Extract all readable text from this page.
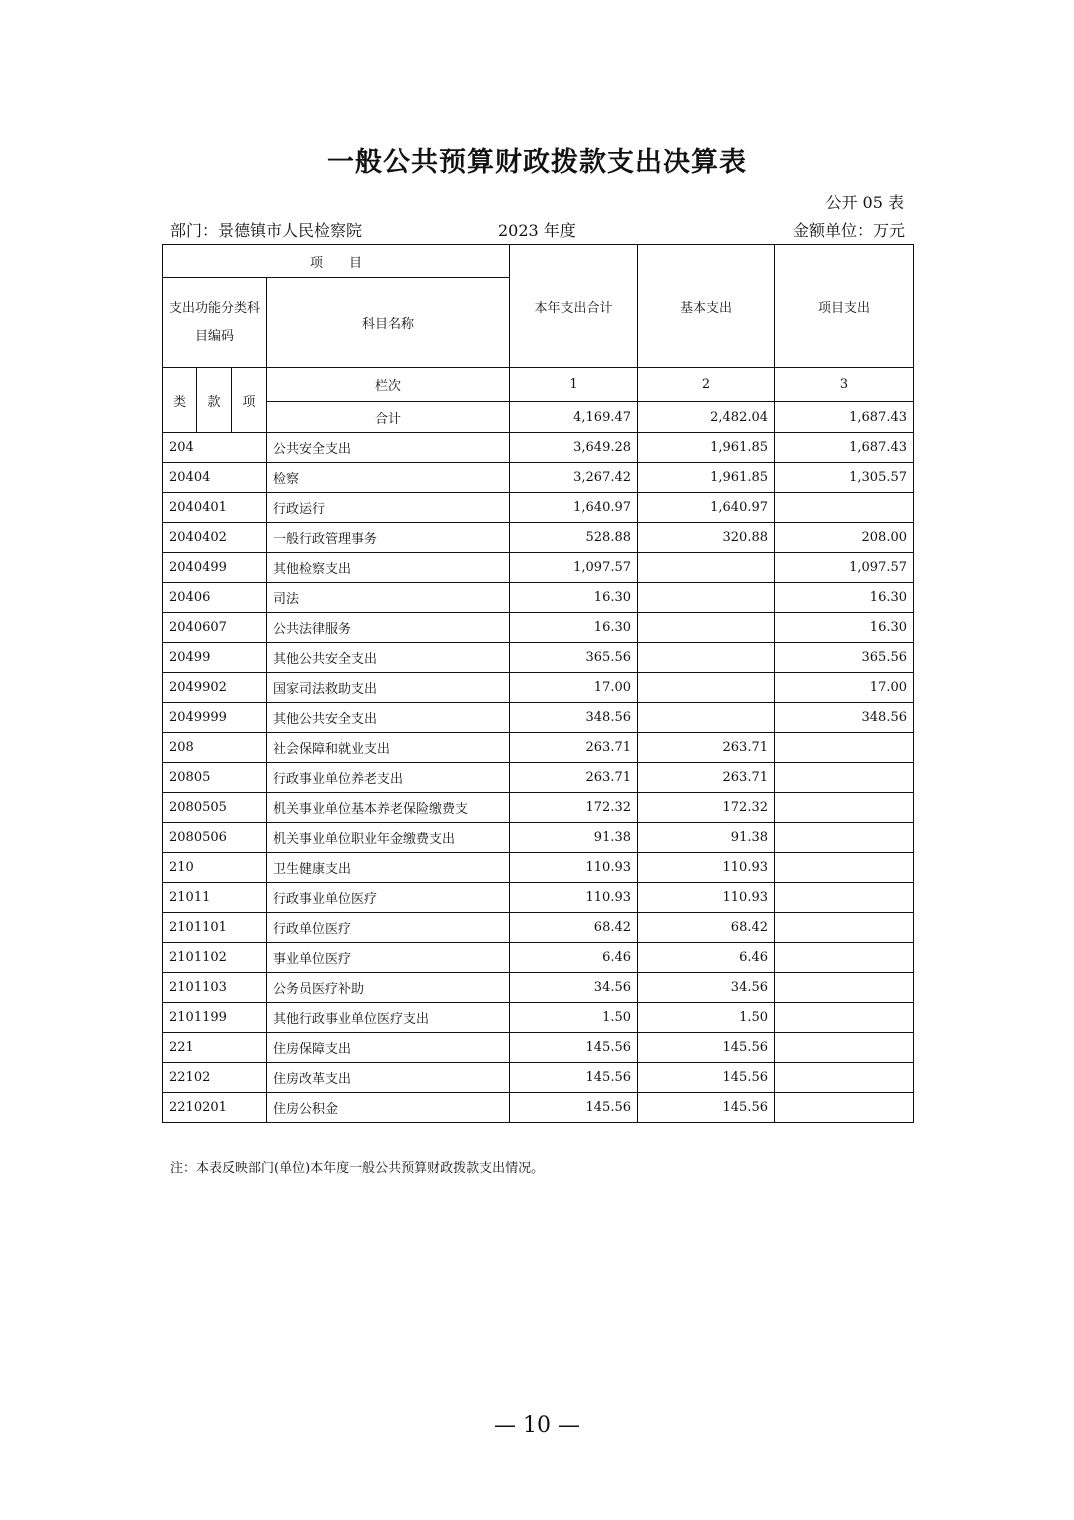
一般公共预算财政拨款支出决算表
公开 05 表
部门：景德镇市人民检察院	2023 年度	金额单位：万元
项　　目				本年支出合计	基本支出	项目支出
支出功能分类科目编码			科目名称			
类	款	项	栏次	1	2	3
			合计	4,169.47	2,482.04	1,687.43
204			公共安全支出	3,649.28	1,961.85	1,687.43
20404			检察	3,267.42	1,961.85	1,305.57
2040401			行政运行	1,640.97	1,640.97	
2040402			一般行政管理事务	528.88	320.88	208.00
2040499			其他检察支出	1,097.57		1,097.57
20406			司法	16.30		16.30
2040607			公共法律服务	16.30		16.30
20499			其他公共安全支出	365.56		365.56
2049902			国家司法救助支出	17.00		17.00
2049999			其他公共安全支出	348.56		348.56
208			社会保障和就业支出	263.71	263.71	
20805			行政事业单位养老支出	263.71	263.71	
2080505			机关事业单位基本养老保险缴费支	172.32	172.32	
2080506			机关事业单位职业年金缴费支出	91.38	91.38	
210			卫生健康支出	110.93	110.93	
21011			行政事业单位医疗	110.93	110.93	
2101101			行政单位医疗	68.42	68.42	
2101102			事业单位医疗	6.46	6.46	
2101103			公务员医疗补助	34.56	34.56	
2101199			其他行政事业单位医疗支出	1.50	1.50	
221			住房保障支出	145.56	145.56	
22102			住房改革支出	145.56	145.56	
2210201			住房公积金	145.56	145.56	
注：本表反映部门(单位)本年度一般公共预算财政拨款支出情况。
— 10 —
